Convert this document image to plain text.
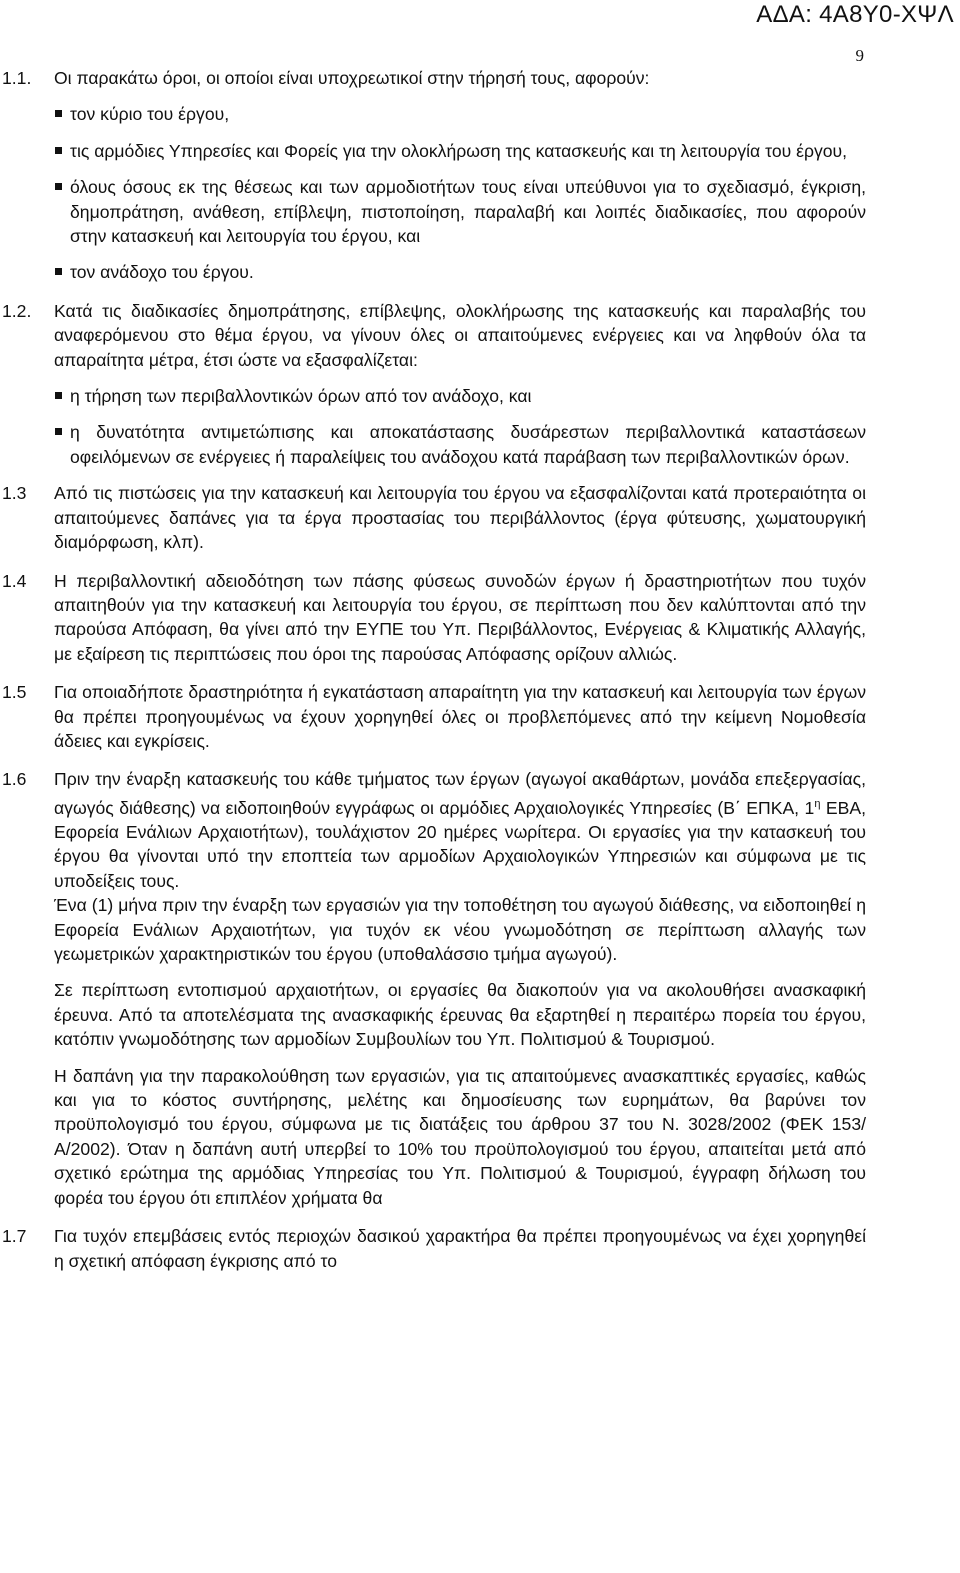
ΑΔΑ: 4Α8Υ0-ΧΨΛ
9
1.1. Οι παρακάτω όροι, οι οποίοι είναι υποχρεωτικοί στην τήρησή τους, αφορούν:

τον κύριο του έργου,

τις αρμόδιες Υπηρεσίες και Φορείς για την ολοκλήρωση της κατασκευής και τη λειτουργία του έργου,

όλους όσους εκ της θέσεως και των αρμοδιοτήτων τους είναι υπεύθυνοι για το σχεδιασμό, έγκριση, δημοπράτηση, ανάθεση, επίβλεψη, πιστοποίηση, παραλαβή και λοιπές διαδικασίες, που αφορούν στην κατασκευή και λειτουργία του έργου, και

τον ανάδοχο του έργου.
1.2. Κατά τις διαδικασίες δημοπράτησης, επίβλεψης, ολοκλήρωσης της κατασκευής και παραλαβής του αναφερόμενου στο θέμα έργου, να γίνουν όλες οι απαιτούμενες ενέργειες και να ληφθούν όλα τα απαραίτητα μέτρα, έτσι ώστε να εξασφαλίζεται:

η τήρηση των περιβαλλοντικών όρων από τον ανάδοχο, και

η δυνατότητα αντιμετώπισης και αποκατάστασης δυσάρεστων περιβαλλοντικά καταστάσεων οφειλόμενων σε ενέργειες ή παραλείψεις του ανάδοχου κατά παράβαση των περιβαλλοντικών όρων.

1.3 Από τις πιστώσεις για την κατασκευή και λειτουργία του έργου να εξασφαλίζονται κατά προτεραιότητα οι απαιτούμενες δαπάνες για τα έργα προστασίας του περιβάλλοντος (έργα φύτευσης, χωματουργική διαμόρφωση, κλπ).

1.4 Η περιβαλλοντική αδειοδότηση των πάσης φύσεως συνοδών έργων ή δραστηριοτήτων που τυχόν απαιτηθούν για την κατασκευή και λειτουργία του έργου, σε περίπτωση που δεν καλύπτονται από την παρούσα Απόφαση, θα γίνει από την ΕΥΠΕ του Υπ. Περιβάλλοντος, Ενέργειας & Κλιματικής Αλλαγής, με εξαίρεση τις περιπτώσεις που όροι της παρούσας Απόφασης ορίζουν αλλιώς.

1.5 Για οποιαδήποτε δραστηριότητα ή εγκατάσταση απαραίτητη για την κατασκευή και λειτουργία των έργων θα πρέπει προηγουμένως να έχουν χορηγηθεί όλες οι προβλεπόμενες από την κείμενη Νομοθεσία άδειες και εγκρίσεις.

1.6 Πριν την έναρξη κατασκευής του κάθε τμήματος των έργων (αγωγοί ακαθάρτων, μονάδα επεξεργασίας, αγωγός διάθεσης) να ειδοποιηθούν εγγράφως οι αρμόδιες Αρχαιολογικές Υπηρεσίες (Β΄ ΕΠΚΑ, $1^\eta$ ΕΒΑ, Εφορεία Ενάλιων Αρχαιοτήτων), τουλάχιστον 20 ημέρες νωρίτερα. Οι εργασίες για την κατασκευή του έργου θα γίνονται υπό την εποπτεία των αρμοδίων Αρχαιολογικών Υπηρεσιών και σύμφωνα με τις υποδείξεις τους.

Ένα (1) μήνα πριν την έναρξη των εργασιών για την τοποθέτηση του αγωγού διάθεσης, να ειδοποιηθεί η Εφορεία Ενάλιων Αρχαιοτήτων, για τυχόν εκ νέου γνωμοδότηση σε περίπτωση αλλαγής των γεωμετρικών χαρακτηριστικών του έργου (υποθαλάσσιο τμήμα αγωγού).

Σε περίπτωση εντοπισμού αρχαιοτήτων, οι εργασίες θα διακοπούν για να ακολουθήσει ανασκαφική έρευνα. Από τα αποτελέσματα της ανασκαφικής έρευνας θα εξαρτηθεί η περαιτέρω πορεία του έργου, κατόπιν γνωμοδότησης των αρμοδίων Συμβουλίων του Υπ. Πολιτισμού & Τουρισμού.

Η δαπάνη για την παρακολούθηση των εργασιών, για τις απαιτούμενες ανασκαπτικές εργασίες, καθώς και για το κόστος συντήρησης, μελέτης και δημοσίευσης των ευρημάτων, θα βαρύνει τον προϋπολογισμό του έργου, σύμφωνα με τις διατάξεις του άρθρου 37 του Ν. 3028/2002 (ΦΕΚ 153/Α/2002). Όταν η δαπάνη αυτή υπερβεί το 10% του προϋπολογισμού του έργου, απαιτείται μετά από σχετικό ερώτημα της αρμόδιας Υπηρεσίας του Υπ. Πολιτισμού & Τουρισμού, έγγραφη δήλωση του φορέα του έργου ότι επιπλέον χρήματα θα

1.7 Για τυχόν επεμβάσεις εντός περιοχών δασικού χαρακτήρα θα πρέπει προηγουμένως να έχει χορηγηθεί η σχετική απόφαση έγκρισης από το
